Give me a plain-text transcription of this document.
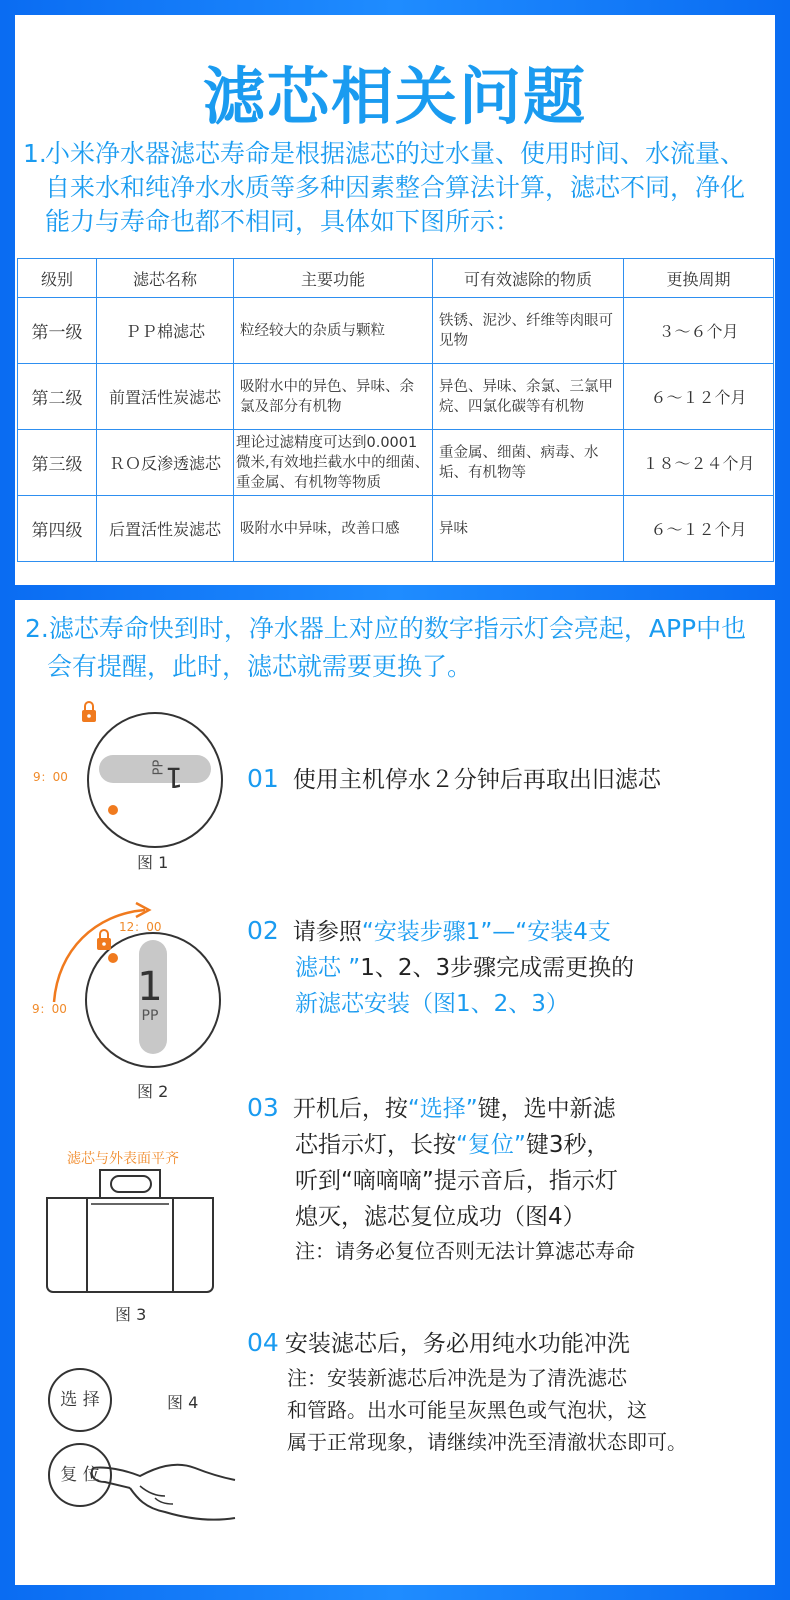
滤芯相关问题
1.小米净水器滤芯寿命是根据滤芯的过水量、使用时间、水流量、
自来水和纯净水水质等多种因素整合算法计算，滤芯不同，净化
能力与寿命也都不相同，具体如下图所示：
级别	滤芯名称	主要功能	可有效滤除的物质	更换周期
第一级	ＰＰ棉滤芯	粒经较大的杂质与颗粒	铁锈、泥沙、纤维等肉眼可见物	３～６个月
第二级	前置活性炭滤芯	吸附水中的异色、异味、余氯及部分有机物	异色、异味、余氯、三氯甲烷、四氯化碳等有机物	６～１２个月
第三级	ＲＯ反渗透滤芯	理论过滤精度可达到0.0001微米,有效地拦截水中的细菌、重金属、有机物等物质	重金属、细菌、病毒、水垢、有机物等	１８～２４个月
第四级	后置活性炭滤芯	吸附水中异味，改善口感	异味	６～１２个月

2.滤芯寿命快到时，净水器上对应的数字指示灯会亮起，APP中也
会有提醒，此时，滤芯就需要更换了。
1
PP
9：00
图 1
01 使用主机停水２分钟后再取出旧滤芯
1
PP
12：00
9：00
图 2
02 请参照“安装步骤1”—“安装4支
滤芯 ”1、2、3步骤完成需更换的
新滤芯安装（图1、2、3）
滤芯与外表面平齐
图 3
03 开机后，按“选择”键，选中新滤
芯指示灯，长按“复位”键3秒，
听到“嘀嘀嘀”提示音后，指示灯
熄灭，滤芯复位成功（图4）
注：请务必复位否则无法计算滤芯寿命
04 安装滤芯后，务必用纯水功能冲洗
注：安装新滤芯后冲洗是为了清洗滤芯
和管路。出水可能呈灰黑色或气泡状，这
属于正常现象，请继续冲洗至清澈状态即可。
选 择
复 位
图 4
